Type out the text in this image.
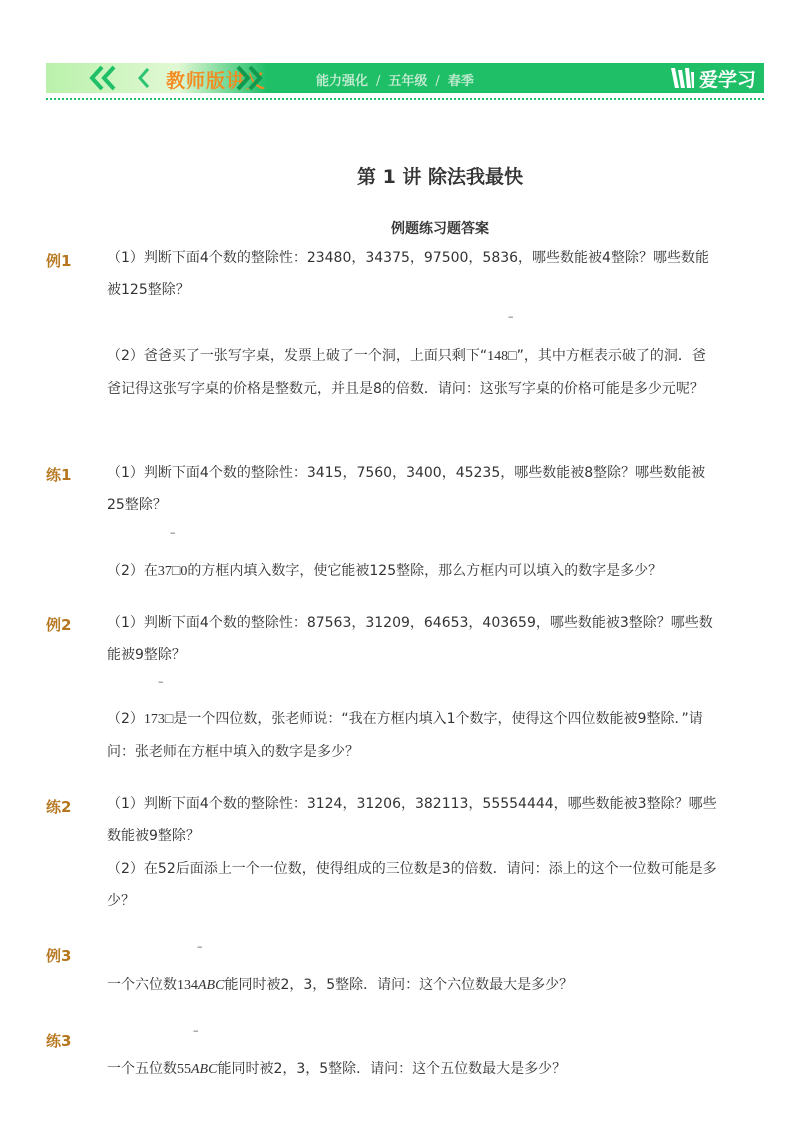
教师版讲义	能力强化 / 五年级 / 春季	爱学习
第 1 讲 除法我最快
例题练习题答案
例1	（1）判断下面4个数的整除性：23480，34375，97500，5836，哪些数能被4整除？哪些数能被125整除？
–
（2）爸爸买了一张写字桌，发票上破了一个洞，上面只剩下“148□”，其中方框表示破了的洞．爸爸记得这张写字桌的价格是整数元，并且是8的倍数．请问：这张写字桌的价格可能是多少元呢？
练1	（1）判断下面4个数的整除性：3415，7560，3400，45235，哪些数能被8整除？哪些数能被25整除？
–
（2）在37□0的方框内填入数字，使它能被125整除，那么方框内可以填入的数字是多少？
例2	（1）判断下面4个数的整除性：87563，31209，64653，403659，哪些数能被3整除？哪些数能被9整除？
–
（2）173□是一个四位数，张老师说：“我在方框内填入1个数字，使得这个四位数能被9整除．”请问：张老师在方框中填入的数字是多少？
练2	（1）判断下面4个数的整除性：3124，31206，382113，55554444，哪些数能被3整除？哪些数能被9整除？
（2）在52后面添上一个一位数，使得组成的三位数是3的倍数．请问：添上的这个一位数可能是多少？
例3
–
一个六位数134ABC能同时被2，3，5整除．请问：这个六位数最大是多少？
练3
–
一个五位数55ABC能同时被2，3，5整除．请问：这个五位数最大是多少？
